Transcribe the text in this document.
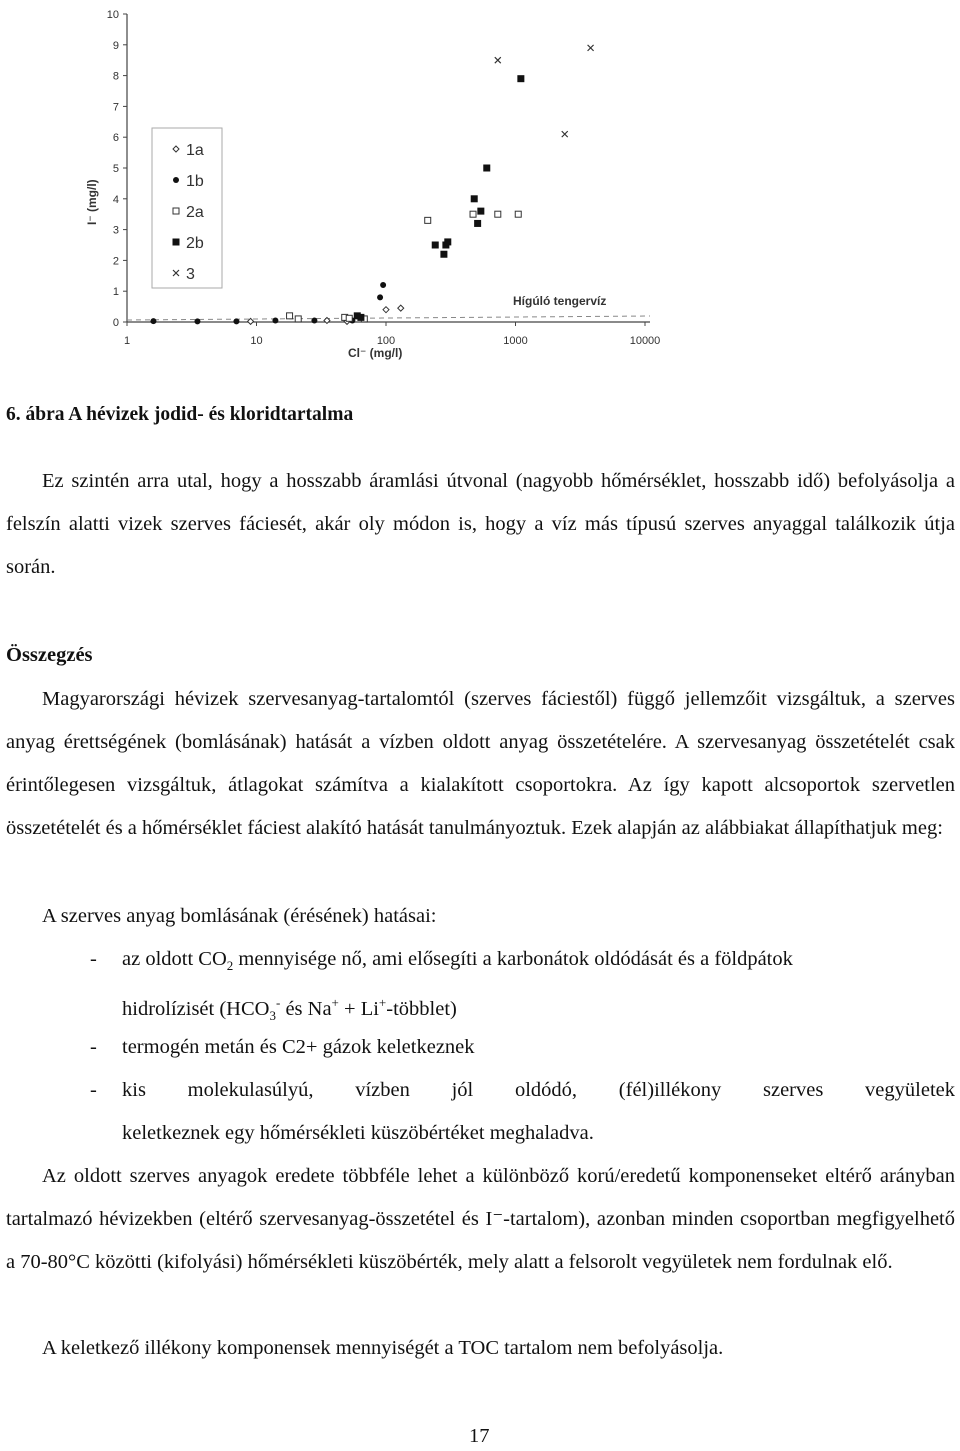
Hígúló tengervíz
Cl⁻ (mg/l)
I⁻ (mg/l)
0
1
2
3
4
5
6
7
8
9
10
1	10	100	1000	10000
1a
1b
2a
2b
3
6. ábra A hévizek jodid- és kloridtartalma
Ez szintén arra utal, hogy a hosszabb áramlási útvonal (nagyobb hőmérséklet, hosszabb idő) befolyásolja a felszín alatti vizek szerves fáciesét, akár oly módon is, hogy a víz más típusú szerves anyaggal találkozik útja során.
Összegzés
Magyarországi hévizek szervesanyag-tartalomtól (szerves fáciestől) függő jellemzőit vizsgáltuk, a szerves anyag érettségének (bomlásának) hatását a vízben oldott anyag összetételére. A szervesanyag összetételét csak érintőlegesen vizsgáltuk, átlagokat számítva a kialakított csoportokra. Az így kapott alcsoportok szervetlen összetételét és a hőmérséklet fáciest alakító hatását tanulmányoztuk. Ezek alapján az alábbiakat állapíthatjuk meg:
A szerves anyag bomlásának (érésének) hatásai:
- az oldott $CO_2$ mennyisége nő, ami elősegíti a karbonátok oldódását és a földpátok
hidrolízisét ($HCO_3^-$ és Na+ + Li+-többlet)
- termogén metán és C2+ gázok keletkeznek
- kis molekulasúlyú, vízben jól oldódó, (fél)illékony szerves vegyületek
keletkeznek egy hőmérsékleti küszöbértéket meghaladva.
Az oldott szerves anyagok eredete többféle lehet a különböző korú/eredetű komponenseket eltérő arányban tartalmazó hévizekben (eltérő szervesanyag-összetétel és I⁻-tartalom), azonban minden csoportban megfigyelhető a 70-80°C közötti (kifolyási) hőmérsékleti küszöbérték, mely alatt a felsorolt vegyületek nem fordulnak elő.
A keletkező illékony komponensek mennyiségét a TOC tartalom nem befolyásolja.
17
